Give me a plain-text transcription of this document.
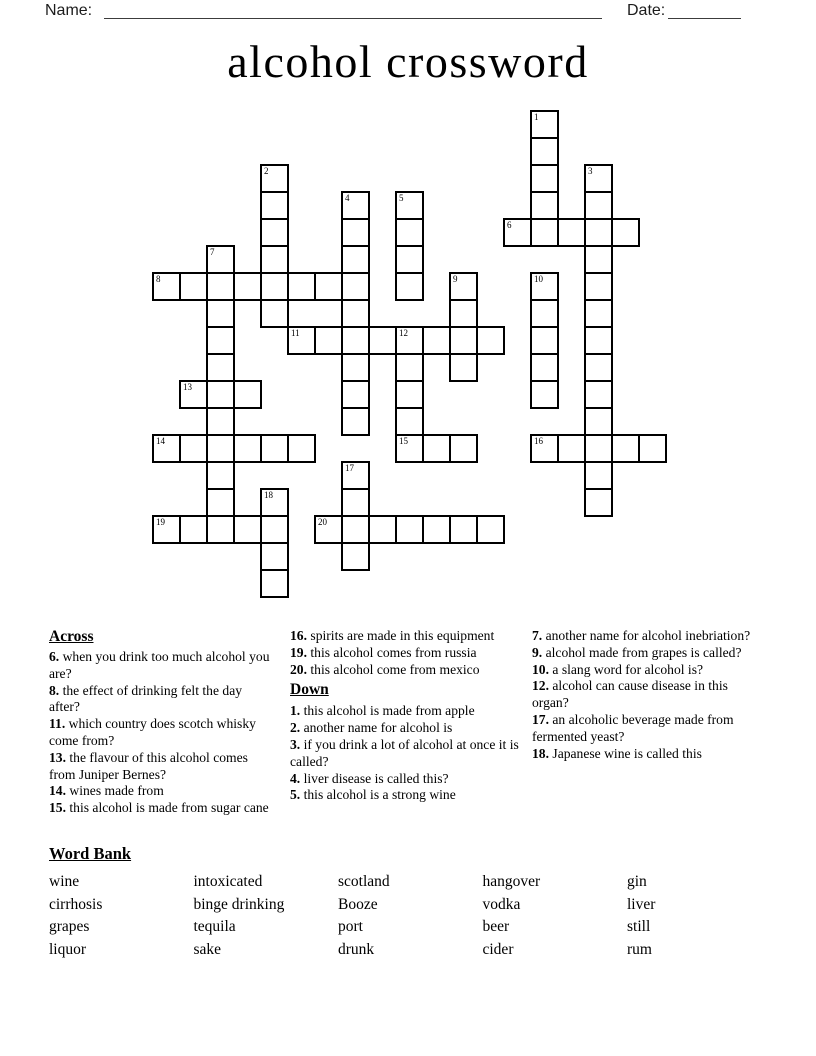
Name:	Date:
alcohol crossword
1
2	3
4	5
6
7
8	9	10
11	12
15
13
14	16
17
18
19	20
Across

6. when you drink too much alcohol you are?

8. the effect of drinking felt the day after?

11. which country does scotch whisky come from?

13. the flavour of this alcohol comes from Juniper Bernes?

14. wines made from

15. this alcohol is made from sugar cane

16. spirits are made in this equipment

19. this alcohol comes from russia

20. this alcohol come from mexico

Down

1. this alcohol is made from apple

2. another name for alcohol is

3. if you drink a lot of alcohol at once it is called?

4. liver disease is called this?

5. this alcohol is a strong wine

7. another name for alcohol inebriation?

9. alcohol made from grapes is called?

10. a slang word for alcohol is?

12. alcohol can cause disease in this organ?

17. an alcoholic beverage made from fermented yeast?

18. Japanese wine is called this

Word Bank
wine	intoxicated	scotland	hangover	gin
cirrhosis	binge drinking	Booze	vodka	liver
grapes	tequila	port	beer	still
liquor	sake	drunk	cider	rum
